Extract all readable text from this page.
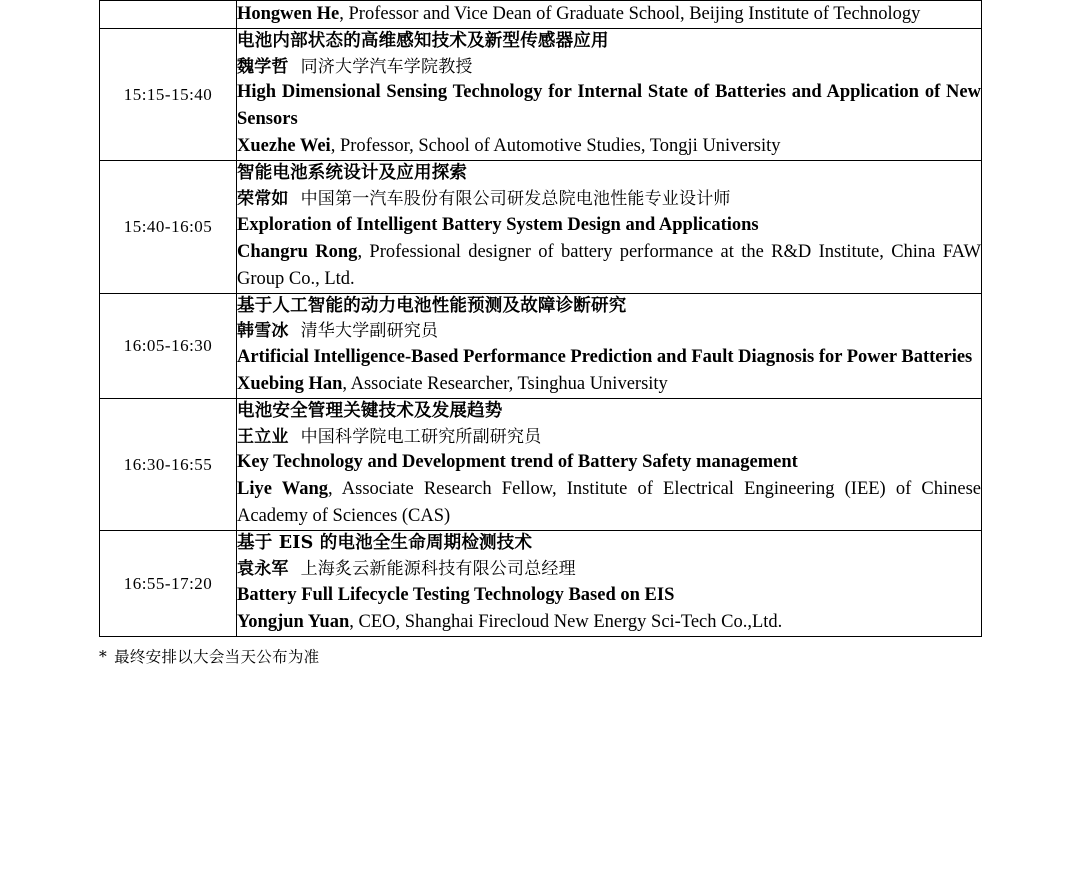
	Hongwen He, Professor and Vice Dean of Graduate School, Beijing Institute of Technology

15:15-15:40	电池内部状态的高维感知技术及新型传感器应用
魏学哲 同济大学汽车学院教授
High Dimensional Sensing Technology for Internal State of Batteries and Application of New Sensors
Xuezhe Wei, Professor, School of Automotive Studies, Tongji University

15:40-16:05	智能电池系统设计及应用探索
荣常如 中国第一汽车股份有限公司研发总院电池性能专业设计师
Exploration of Intelligent Battery System Design and Applications
Changru Rong, Professional designer of battery performance at the R&D Institute, China FAW Group Co., Ltd.

16:05-16:30	基于人工智能的动力电池性能预测及故障诊断研究
韩雪冰 清华大学副研究员
Artificial Intelligence-Based Performance Prediction and Fault Diagnosis for Power Batteries
Xuebing Han, Associate Researcher, Tsinghua University

16:30-16:55	电池安全管理关键技术及发展趋势
王立业 中国科学院电工研究所副研究员
Key Technology and Development trend of Battery Safety management
Liye Wang, Associate Research Fellow, Institute of Electrical Engineering (IEE) of Chinese Academy of Sciences (CAS)

16:55-17:20	基于 EIS 的电池全生命周期检测技术
袁永军 上海炙云新能源科技有限公司总经理
Battery Full Lifecycle Testing Technology Based on EIS
Yongjun Yuan, CEO, Shanghai Firecloud New Energy Sci-Tech Co.,Ltd.
* 最终安排以大会当天公布为准
